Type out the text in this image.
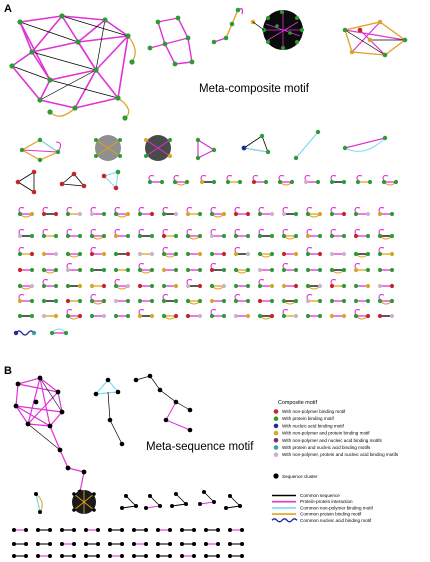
A
Meta-composite motif
B
Meta-sequence motif
Composite motif
With non-polymer binding motif
With protein binding motif
With nucleic acid binding motif
With non-polymer and protein binding motif
With non-polymer and nucleic acid binding motifs
With protein and nucleic acid binding motifs
With non-polymer, protein and nucleic acid binding motifs
Sequence cluster
Common sequence
Protein-protein interaction
Common non-polymer binding motif
Common protein binding motif
Common nucleic acid binding motif
